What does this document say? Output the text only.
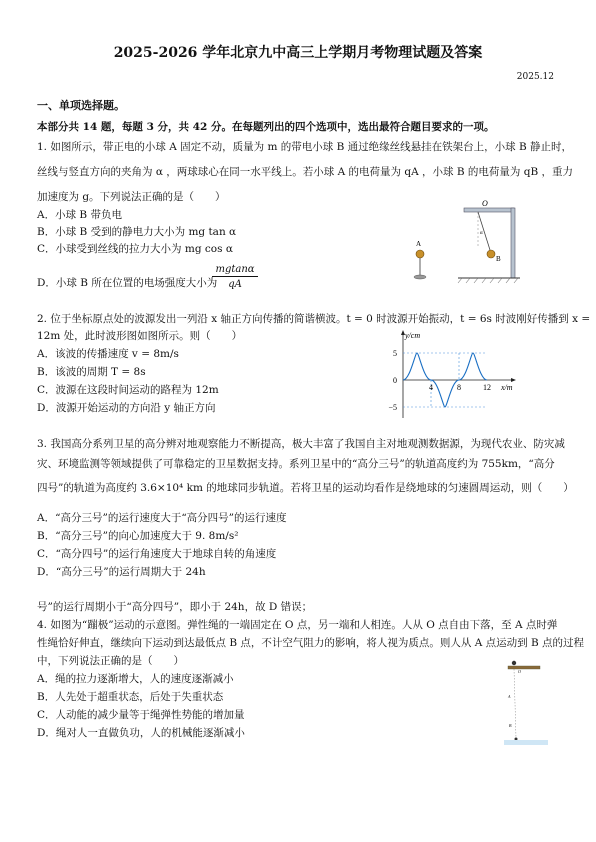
2025-2026 学年北京九中高三上学期月考物理试题及答案
2025.12
一、单项选择题。
本部分共 14 题，每题 3 分，共 42 分。在每题列出的四个选项中，选出最符合题目要求的一项。
1. 如图所示，带正电的小球 A 固定不动，质量为 m 的带电小球 B 通过绝缘丝线悬挂在铁架台上，小球 B 静止时，
丝线与竖直方向的夹角为 α ，两球球心在同一水平线上。若小球 A 的电荷量为 qA ，小球 B 的电荷量为 qB ，重力
加速度为 g。下列说法正确的是（　　）
A．小球 B 带负电
B．小球 B 受到的静电力大小为 mg tan α
C．小球受到丝线的拉力大小为 mg cos α
D．小球 B 所在位置的电场强度大小为
$\frac{mgtan\alpha}{qA}$
O
A
B
α
2. 位于坐标原点处的波源发出一列沿 x 轴正方向传播的简谐横波。t = 0 时波源开始振动，t = 6s 时波刚好传播到 x =
12m 处，此时波形图如图所示。则（　　）
A．该波的传播速度 v = 8m/s
B．该波的周期 T = 8s
C．波源在这段时间运动的路程为 12m
D．波源开始运动的方向沿 y 轴正方向
y/cm
x/m
5
0
−5
4	8	12
3. 我国高分系列卫星的高分辨对地观察能力不断提高，极大丰富了我国自主对地观测数据源，为现代农业、防灾减
灾、环境监测等领域提供了可靠稳定的卫星数据支持。系列卫星中的“高分三号”的轨道高度约为 755km，“高分
四号”的轨道为高度约 3.6×10⁴ km 的地球同步轨道。若将卫星的运动均看作是绕地球的匀速圆周运动，则（　　）
A．“高分三号”的运行速度大于“高分四号”的运行速度
B．“高分三号”的向心加速度大于 9. 8m/s²
C．“高分四号”的运行角速度大于地球自转的角速度
D．“高分三号”的运行周期大于 24h
号”的运行周期小于“高分四号”，即小于 24h，故 D 错误；
4. 如图为“蹦极”运动的示意图。弹性绳的一端固定在 O 点，另一端和人相连。人从 O 点自由下落，至 A 点时弹
性绳恰好伸直，继续向下运动到达最低点 B 点，不计空气阻力的影响，将人视为质点。则人从 A 点运动到 B 点的过程
中，下列说法正确的是（　　）
A．绳的拉力逐渐增大，人的速度逐渐减小
B．人先处于超重状态，后处于失重状态
C．人动能的减少量等于绳弹性势能的增加量
D．绳对人一直做负功，人的机械能逐渐减小
O
A
B
